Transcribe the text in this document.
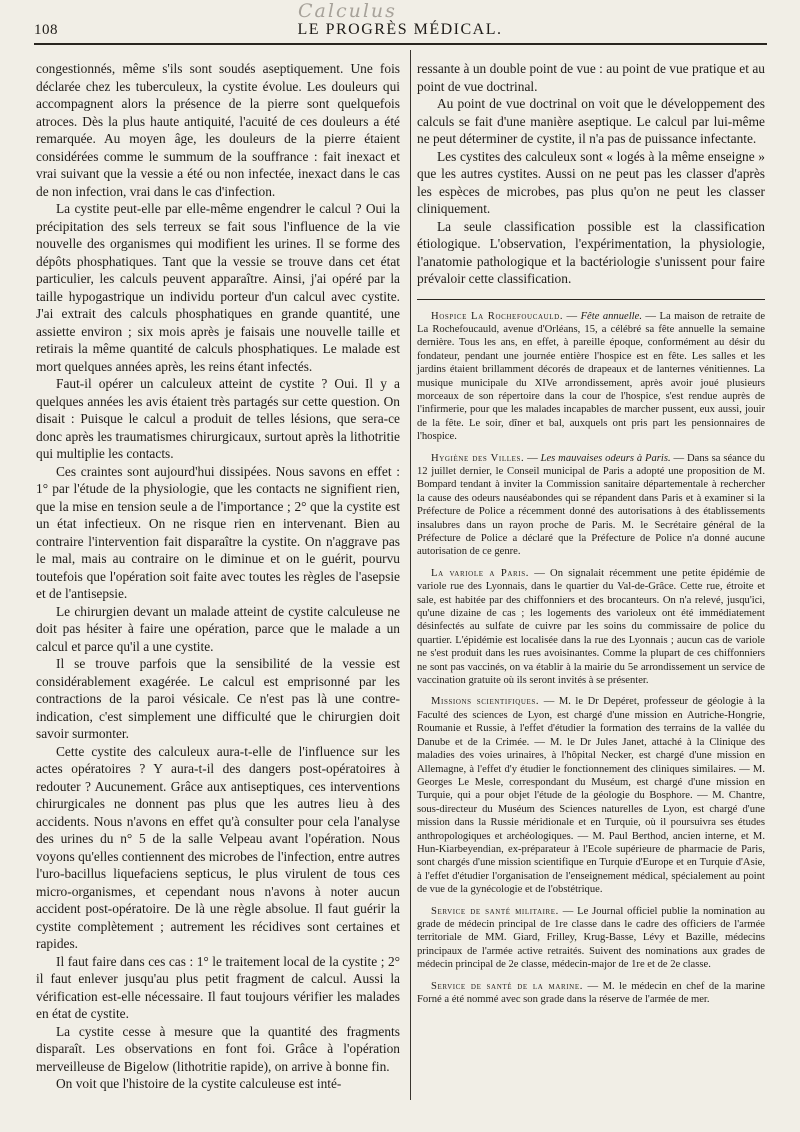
Calculus
108	LE PROGRÈS MÉDICAL.

congestionnés, même s'ils sont soudés aseptiquement. Une fois déclarée chez les tuberculeux, la cystite évolue. Les douleurs qui accompagnent alors la présence de la pierre sont quelquefois atroces. Dès la plus haute antiquité, l'acuité de ces douleurs a été remarquée. Au moyen âge, les douleurs de la pierre étaient considérées comme le summum de la souffrance : fait inexact et vrai suivant que la vessie a été ou non infectée, inexact dans le cas de non infection, vrai dans le cas d'infection.

La cystite peut-elle par elle-même engendrer le calcul ? Oui la précipitation des sels terreux se fait sous l'influence de la vie nouvelle des organismes qui modifient les urines. Il se forme des dépôts phosphatiques. Tant que la vessie se trouve dans cet état particulier, les calculs peuvent apparaître. Ainsi, j'ai opéré par la taille hypogastrique un individu porteur d'un calcul avec cystite. J'ai extrait des calculs phosphatiques en grande quantité, une assiette environ ; six mois après je faisais une nouvelle taille et retirais la même quantité de calculs phosphatiques. Le malade est mort quelques années après, les reins étant infectés.

Faut-il opérer un calculeux atteint de cystite ? Oui. Il y a quelques années les avis étaient très partagés sur cette question. On disait : Puisque le calcul a produit de telles lésions, que sera-ce donc après les traumatismes chirurgicaux, surtout après la lithotritie qui multiplie les contacts.

Ces craintes sont aujourd'hui dissipées. Nous savons en effet : 1° par l'étude de la physiologie, que les contacts ne signifient rien, que la mise en tension seule a de l'importance ; 2° que la cystite est un état infectieux. On ne risque rien en intervenant. Bien au contraire l'intervention fait disparaître la cystite. On n'aggrave pas le mal, mais au contraire on le diminue et on le guérit, pourvu toutefois que l'opération soit faite avec toutes les règles de l'asepsie et de l'antisepsie.

Le chirurgien devant un malade atteint de cystite calculeuse ne doit pas hésiter à faire une opération, parce que le malade a un calcul et parce qu'il a une cystite.

Il se trouve parfois que la sensibilité de la vessie est considérablement exagérée. Le calcul est emprisonné par les contractions de la paroi vésicale. Ce n'est pas là une contre-indication, c'est simplement une difficulté que le chirurgien doit savoir surmonter.

Cette cystite des calculeux aura-t-elle de l'influence sur les actes opératoires ? Y aura-t-il des dangers post-opératoires à redouter ? Aucunement. Grâce aux antiseptiques, ces interventions chirurgicales ne donnent pas plus que les autres lieu à des accidents. Nous n'avons en effet qu'à consulter pour cela l'analyse des urines du n° 5 de la salle Velpeau avant l'opération. Nous voyons qu'elles contiennent des microbes de l'infection, entre autres l'uro-bacillus liquefaciens septicus, le plus virulent de tous ces micro-organismes, et cependant nous n'avons à noter aucun accident post-opératoire. De là une règle absolue. Il faut guérir la cystite complètement ; autrement les récidives sont certaines et rapides.

Il faut faire dans ces cas : 1° le traitement local de la cystite ; 2° il faut enlever jusqu'au plus petit fragment de calcul. Aussi la vérification est-elle nécessaire. Il faut toujours vérifier les malades en état de cystite.

La cystite cesse à mesure que la quantité des fragments disparaît. Les observations en font foi. Grâce à l'opération merveilleuse de Bigelow (lithotritie rapide), on arrive à bonne fin.

On voit que l'histoire de la cystite calculeuse est inté-

ressante à un double point de vue : au point de vue pratique et au point de vue doctrinal.

Au point de vue doctrinal on voit que le développement des calculs se fait d'une manière aseptique. Le calcul par lui-même ne peut déterminer de cystite, il n'a pas de puissance infectante.

Les cystites des calculeux sont « logés à la même enseigne » que les autres cystites. Aussi on ne peut pas les classer d'après les espèces de microbes, pas plus qu'on ne peut les classer cliniquement.

La seule classification possible est la classification étiologique. L'observation, l'expérimentation, la physiologie, l'anatomie pathologique et la bactériologie s'unissent pour faire prévaloir cette classification.

Hospice La Rochefoucauld. — Fête annuelle. — La maison de retraite de La Rochefoucauld, avenue d'Orléans, 15, a célébré sa fête annuelle la semaine dernière. Tous les ans, en effet, à pareille époque, conformément au désir du fondateur, pendant une journée entière l'hospice est en fête. Les salles et les jardins étaient brillamment décorés de drapeaux et de lanternes vénitiennes. La musique municipale du XIVe arrondissement, après avoir joué plusieurs morceaux de son répertoire dans la cour de l'hospice, s'est rendue auprès de l'infirmerie, pour que les malades incapables de marcher pussent, eux aussi, jouir de la fête. Le soir, dîner et bal, auxquels ont pris part les pensionnaires de l'hospice.

Hygiène des Villes. — Les mauvaises odeurs à Paris. — Dans sa séance du 12 juillet dernier, le Conseil municipal de Paris a adopté une proposition de M. Bompard tendant à inviter la Commission sanitaire départementale à rechercher la cause des odeurs nauséabondes qui se répandent dans Paris et à examiner si la Préfecture de Police a récemment donné des autorisations à des établissements insalubres dans un rayon proche de Paris. M. le Secrétaire général de la Préfecture de Police a déclaré que la Préfecture de Police n'a donné aucune autorisation de ce genre.

La variole a Paris. — On signalait récemment une petite épidémie de variole rue des Lyonnais, dans le quartier du Val-de-Grâce. Cette rue, étroite et sale, est habitée par des chiffonniers et des brocanteurs. On n'a relevé, jusqu'ici, qu'une dizaine de cas ; les logements des varioleux ont été immédiatement désinfectés au sulfate de cuivre par les soins du commissaire de police du quartier. L'épidémie est localisée dans la rue des Lyonnais ; aucun cas de variole ne s'est produit dans les rues avoisinantes. Comme la plupart de ces chiffonniers ne sont pas vaccinés, on va établir à la mairie du 5e arrondissement un service de vaccination gratuite où ils seront invités à se présenter.

Missions scientifiques. — M. le Dr Depéret, professeur de géologie à la Faculté des sciences de Lyon, est chargé d'une mission en Autriche-Hongrie, Roumanie et Russie, à l'effet d'étudier la formation des terrains de la vallée du Danube et de la Crimée. — M. le Dr Jules Janet, attaché à la Clinique des maladies des voies urinaires, à l'hôpital Necker, est chargé d'une mission en Allemagne, à l'effet d'y étudier le fonctionnement des cliniques similaires. — M. Georges Le Mesle, correspondant du Muséum, est chargé d'une mission en Turquie, qui a pour objet l'étude de la géologie du Bosphore. — M. Chantre, sous-directeur du Muséum des Sciences naturelles de Lyon, est chargé d'une mission dans la Russie méridionale et en Turquie, où il poursuivra ses études anthropologiques et archéologiques. — M. Paul Berthod, ancien interne, et M. Hun-Kiarbeyendian, ex-préparateur à l'Ecole supérieure de pharmacie de Paris, sont chargés d'une mission scientifique en Turquie d'Europe et en Turquie d'Asie, à l'effet d'étudier l'organisation de l'enseignement médical, spécialement au point de vue de la gynécologie et de l'obstétrique.

Service de santé militaire. — Le Journal officiel publie la nomination au grade de médecin principal de 1re classe dans le cadre des officiers de l'armée territoriale de MM. Giard, Frilley, Krug-Basse, Lévy et Bazille, médecins principaux de l'armée active retraités. Suivent des nominations aux grades de médecin principal de 2e classe, médecin-major de 1re et de 2e classe.

Service de santé de la marine. — M. le médecin en chef de la marine Forné a été nommé avec son grade dans la réserve de l'armée de mer.
